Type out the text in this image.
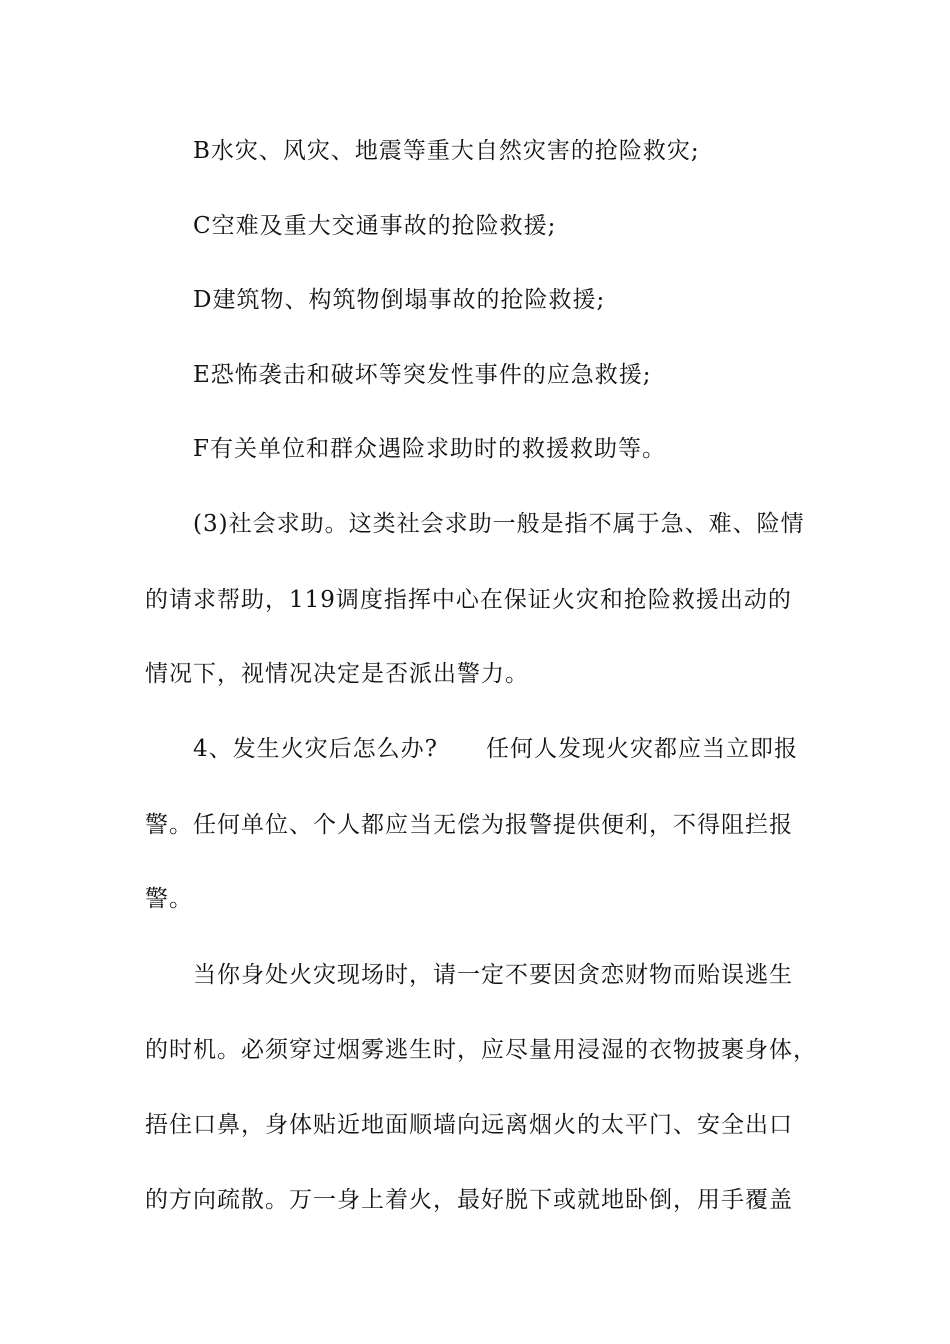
B水灾、风灾、地震等重大自然灾害的抢险救灾;
C空难及重大交通事故的抢险救援;
D建筑物、构筑物倒塌事故的抢险救援;
E恐怖袭击和破坏等突发性事件的应急救援;
F有关单位和群众遇险求助时的救援救助等。
(3)社会求助。这类社会求助一般是指不属于急、难、险情
的请求帮助，119调度指挥中心在保证火灾和抢险救援出动的
情况下，视情况决定是否派出警力。
4、发生火灾后怎么办? 任何人发现火灾都应当立即报
警。任何单位、个人都应当无偿为报警提供便利，不得阻拦报
警。
当你身处火灾现场时，请一定不要因贪恋财物而贻误逃生
的时机。必须穿过烟雾逃生时，应尽量用浸湿的衣物披裹身体，
捂住口鼻，身体贴近地面顺墙向远离烟火的太平门、安全出口
的方向疏散。万一身上着火，最好脱下或就地卧倒，用手覆盖
